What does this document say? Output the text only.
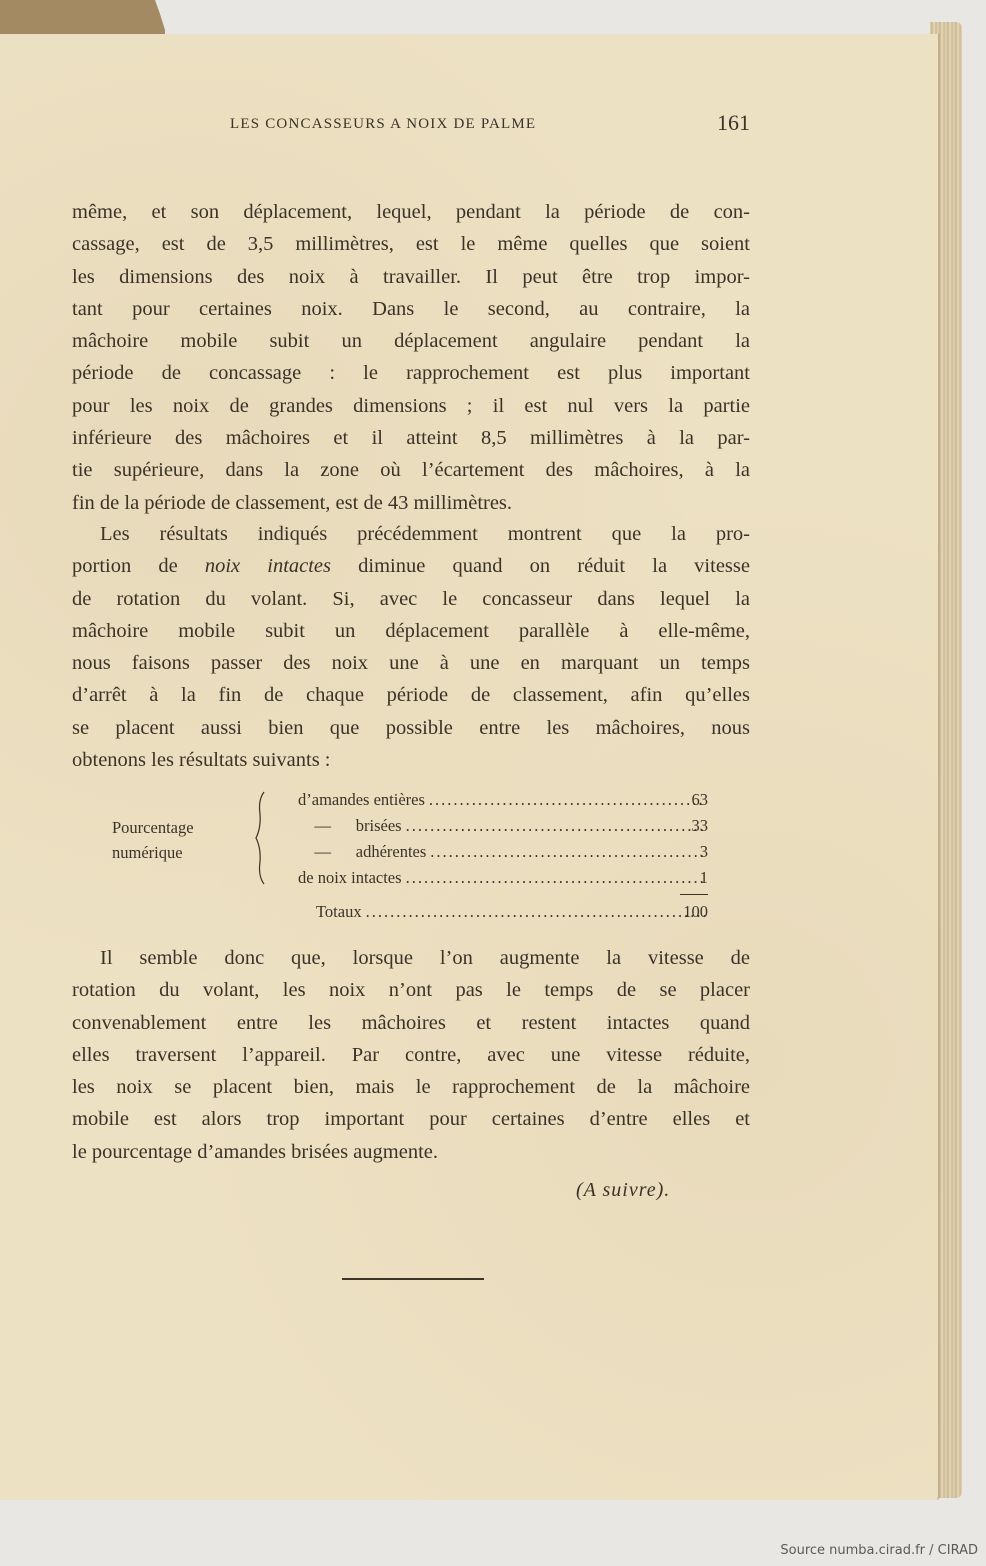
LES CONCASSEURS A NOIX DE PALME	161
même, et son déplacement, lequel, pendant la période de con-
cassage, est de 3,5 millimètres, est le même quelles que soient
les dimensions des noix à travailler. Il peut être trop impor-
tant pour certaines noix. Dans le second, au contraire, la
mâchoire mobile subit un déplacement angulaire pendant la
période de concassage : le rapprochement est plus important
pour les noix de grandes dimensions ; il est nul vers la partie
inférieure des mâchoires et il atteint 8,5 millimètres à la par-
tie supérieure, dans la zone où l’écartement des mâchoires, à la
fin de la période de classement, est de 43 millimètres.
Les résultats indiqués précédemment montrent que la pro-
portion de noix intactes diminue quand on réduit la vitesse
de rotation du volant. Si, avec le concasseur dans lequel la
mâchoire mobile subit un déplacement parallèle à elle-même,
nous faisons passer des noix une à une en marquant un temps
d’arrêt à la fin de chaque période de classement, afin qu’elles
se placent aussi bien que possible entre les mâchoires, nous
obtenons les résultats suivants :
Pourcentage
numérique
d’amandes entières .....	63
—      brisées .....	33
—      adhérentes .....	3
de noix intactes .....	1
Totaux .....	100
Il semble donc que, lorsque l’on augmente la vitesse de
rotation du volant, les noix n’ont pas le temps de se placer
convenablement entre les mâchoires et restent intactes quand
elles traversent l’appareil. Par contre, avec une vitesse réduite,
les noix se placent bien, mais le rapprochement de la mâchoire
mobile est alors trop important pour certaines d’entre elles et
le pourcentage d’amandes brisées augmente.
(A suivre).
Source numba.cirad.fr / CIRAD
